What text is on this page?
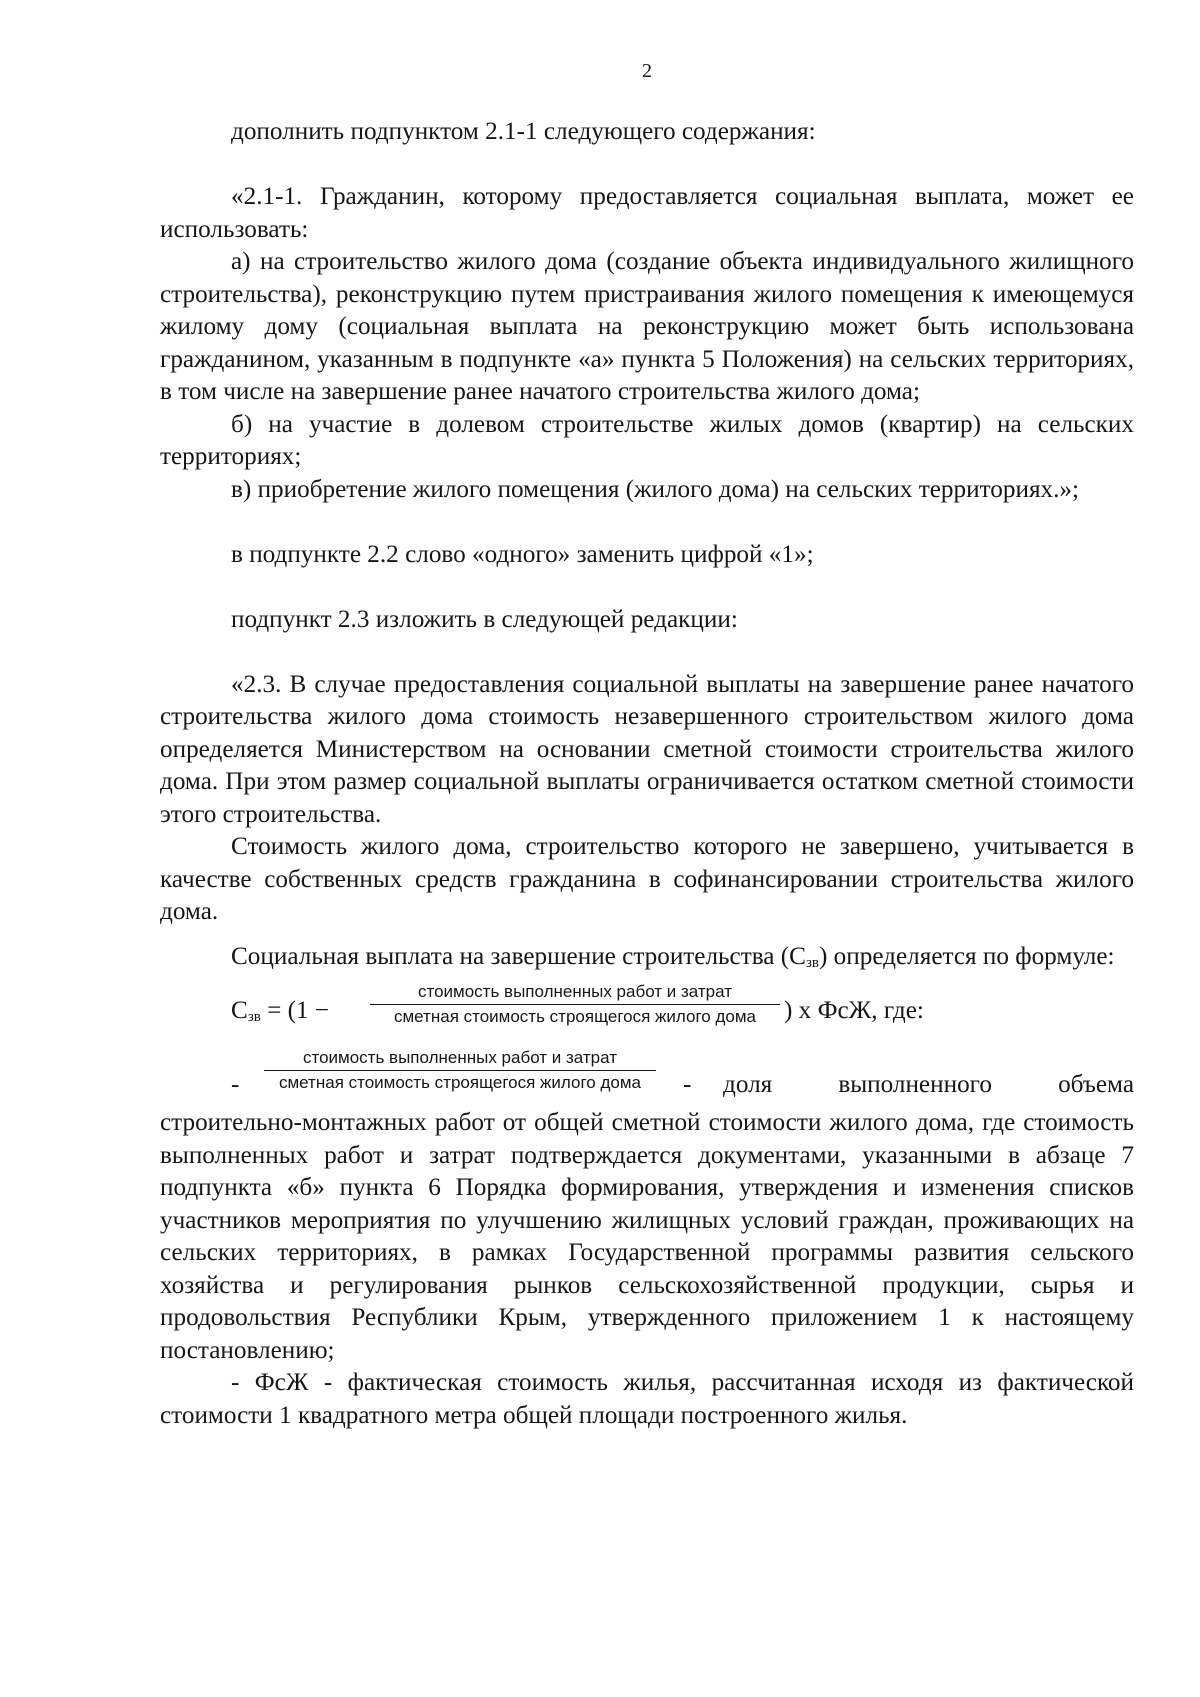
2

дополнить подпунктом 2.1-1 следующего содержания:

«2.1-1. Гражданин, которому предоставляется социальная выплата, может ее использовать:

а) на строительство жилого дома (создание объекта индивидуального жилищного строительства), реконструкцию путем пристраивания жилого помещения к имеющемуся жилому дому (социальная выплата на реконструкцию может быть использована гражданином, указанным в подпункте «а» пункта 5 Положения) на сельских территориях, в том числе на завершение ранее начатого строительства жилого дома;

б) на участие в долевом строительстве жилых домов (квартир) на сельских территориях;

в) приобретение жилого помещения (жилого дома) на сельских территориях.»;

в подпункте 2.2 слово «одного» заменить цифрой «1»;

подпункт 2.3 изложить в следующей редакции:

«2.3. В случае предоставления социальной выплаты на завершение ранее начатого строительства жилого дома стоимость незавершенного строительством жилого дома определяется Министерством на основании сметной стоимости строительства жилого дома. При этом размер социальной выплаты ограничивается остатком сметной стоимости этого строительства.

Стоимость жилого дома, строительство которого не завершено, учитывается в качестве собственных средств гражданина в софинансировании строительства жилого дома.

Социальная выплата на завершение строительства $(С_{зв})$ определяется по формуле:

$С_{зв} = (1$ −
стоимость выполненных работ и затрат
сметная стоимость строящегося жилого дома	) х ФсЖ, где:
-
стоимость выполненных работ и затрат
сметная стоимость строящегося жилого дома	- доля выполненного объема

строительно-монтажных работ от общей сметной стоимости жилого дома, где стоимость выполненных работ и затрат подтверждается документами, указанными в абзаце 7 подпункта «б» пункта 6 Порядка формирования, утверждения и изменения списков участников мероприятия по улучшению жилищных условий граждан, проживающих на сельских территориях, в рамках Государственной программы развития сельского хозяйства и регулирования рынков сельскохозяйственной продукции, сырья и продовольствия Республики Крым, утвержденного приложением 1 к настоящему постановлению;

- ФсЖ - фактическая стоимость жилья, рассчитанная исходя из фактической стоимости 1 квадратного метра общей площади построенного жилья.
